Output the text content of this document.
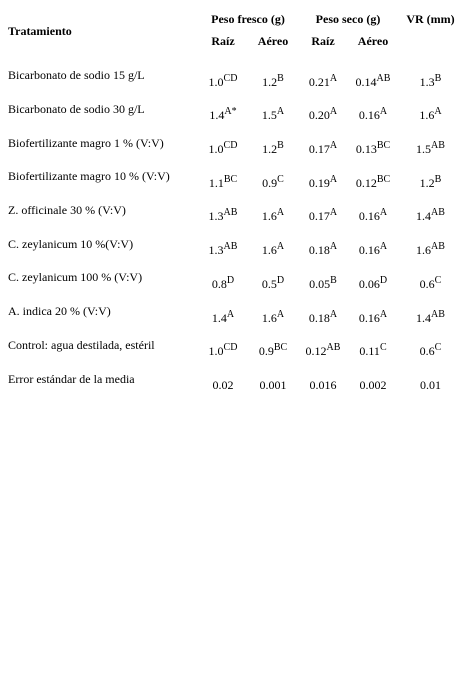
Tratamiento	Peso fresco (g)		Peso seco (g)		VR (mm)
	Raíz	Aéreo	Raíz	Aéreo	
Bicarbonato de sodio 15 g/L	$1.0^{CD}$	$1.2^B$	$0.21^A$	$0.14^{AB}$	$1.3^B$
Bicarbonato de sodio 30 g/L	$1.4^{A*}$	$1.5^A$	$0.20^A$	$0.16^A$	$1.6^A$
Biofertilizante magro 1 % (V:V)	$1.0^{CD}$	$1.2^B$	$0.17^A$	$0.13^{BC}$	$1.5^{AB}$
Biofertilizante magro 10 % (V:V)	$1.1^{BC}$	$0.9^C$	$0.19^A$	$0.12^{BC}$	$1.2^B$
Z. officinale 30 % (V:V)	$1.3^{AB}$	$1.6^A$	$0.17^A$	$0.16^A$	$1.4^{AB}$
C. zeylanicum 10 %(V:V)	$1.3^{AB}$	$1.6^A$	$0.18^A$	$0.16^A$	$1.6^{AB}$
C. zeylanicum 100 % (V:V)	$0.8^D$	$0.5^D$	$0.05^B$	$0.06^D$	$0.6^C$
A. indica 20 % (V:V)	$1.4^A$	$1.6^A$	$0.18^A$	$0.16^A$	$1.4^{AB}$
Control: agua destilada, estéril	$1.0^{CD}$	$0.9^{BC}$	$0.12^{AB}$	$0.11^C$	$0.6^C$
Error estándar de la media	0.02	0.001	0.016	0.002	0.01
